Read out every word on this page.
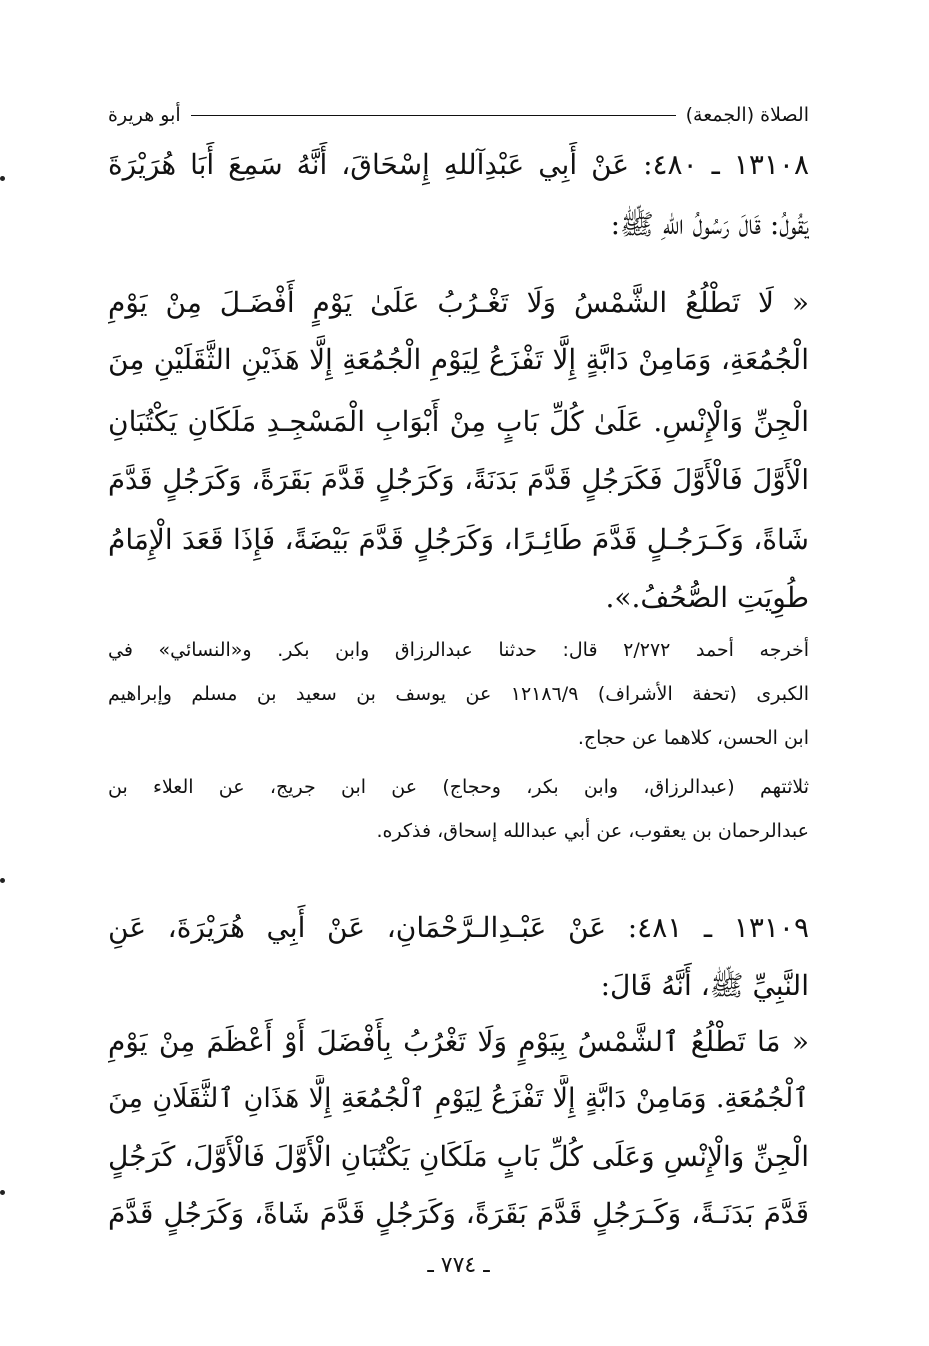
الصلاة (الجمعة)
أبو هريرة
١٣١٠٨ ـ ٤٨٠: عَنْ أَبِي عَبْدِآللهِ إِسْحَاقَ، أَنَّهُ سَمِعَ أَبَا هُرَيْرَةَ
يَقُولُ: قَالَ رَسُولُ اللهِ ﷺ:
« لَا تَطْلُعُ الشَّمْسُ وَلَا تَغْـرُبُ عَلَىٰ يَوْمٍ أَفْضَـلَ مِنْ يَوْمِ
الْجُمُعَةِ، وَمَامِنْ دَابَّةٍ إِلَّا تَفْزَعُ لِيَوْمِ الْجُمُعَةِ إِلَّا هَذَيْنِ الثَّقَلَيْنِ مِنَ
الْجِنِّ وَالْإِنْسِ. عَلَىٰ كُلِّ بَابٍ مِنْ أَبْوَابِ الْمَسْجِـدِ مَلَكَانِ يَكْتُبَانِ
الْأَوَّلَ فَالْأَوَّلَ فَكَرَجُلٍ قَدَّمَ بَدَنَةً، وَكَرَجُلٍ قَدَّمَ بَقَرَةً، وَكَرَجُلٍ قَدَّمَ
شَاةً، وَكَـرَجُـلٍ قَدَّمَ طَائِـرًا، وَكَرَجُلٍ قَدَّمَ بَيْضَةً، فَإِذَا قَعَدَ الْإِمَامُ
طُوِيَتِ الصُّحُفُ.».
أخرجه أحمد ٢/٢٧٢ قال: حدثنا عبدالرزاق وابن بكر. و«النسائي» في
الكبرى (تحفة الأشراف) ١٢١٨٦/٩ عن يوسف بن سعيد بن مسلم وإبراهيم
ابن الحسن، كلاهما عن حجاج.
ثلاثتهم (عبدالرزاق، وابن بكر، وحجاج) عن ابن جريج، عن العلاء بن
عبدالرحمان بن يعقوب، عن أبي عبدالله إسحاق، فذكره.
١٣١٠٩ ـ ٤٨١: عَنْ عَبْـدِالـرَّحْمَانِ، عَنْ أَبِي هُرَيْرَةَ، عَنِ
النَّبِيِّ ﷺ، أَنَّهُ قَالَ:
« مَا تَطْلُعُ ٱلشَّمْسُ بِيَوْمٍ وَلَا تَغْرُبُ بِأَفْضَلَ أَوْ أَعْظَمَ مِنْ يَوْمِ
ٱلْجُمُعَةِ. وَمَامِنْ دَابَّةٍ إِلَّا تَفْزَعُ لِيَوْمِ ٱلْجُمُعَةِ إِلَّا هَذَانِ ٱلثَّقَلَانِ مِنَ
الْجِنِّ وَالْإِنْسِ وَعَلَى كُلِّ بَابٍ مَلَكَانِ يَكْتُبَانِ الْأَوَّلَ فَالْأَوَّلَ، كَرَجُلٍ
قَدَّمَ بَدَنَـةً، وَكَـرَجُلٍ قَدَّمَ بَقَرَةً، وَكَرَجُلٍ قَدَّمَ شَاةً، وَكَرَجُلٍ قَدَّمَ
ـ ٧٧٤ ـ
